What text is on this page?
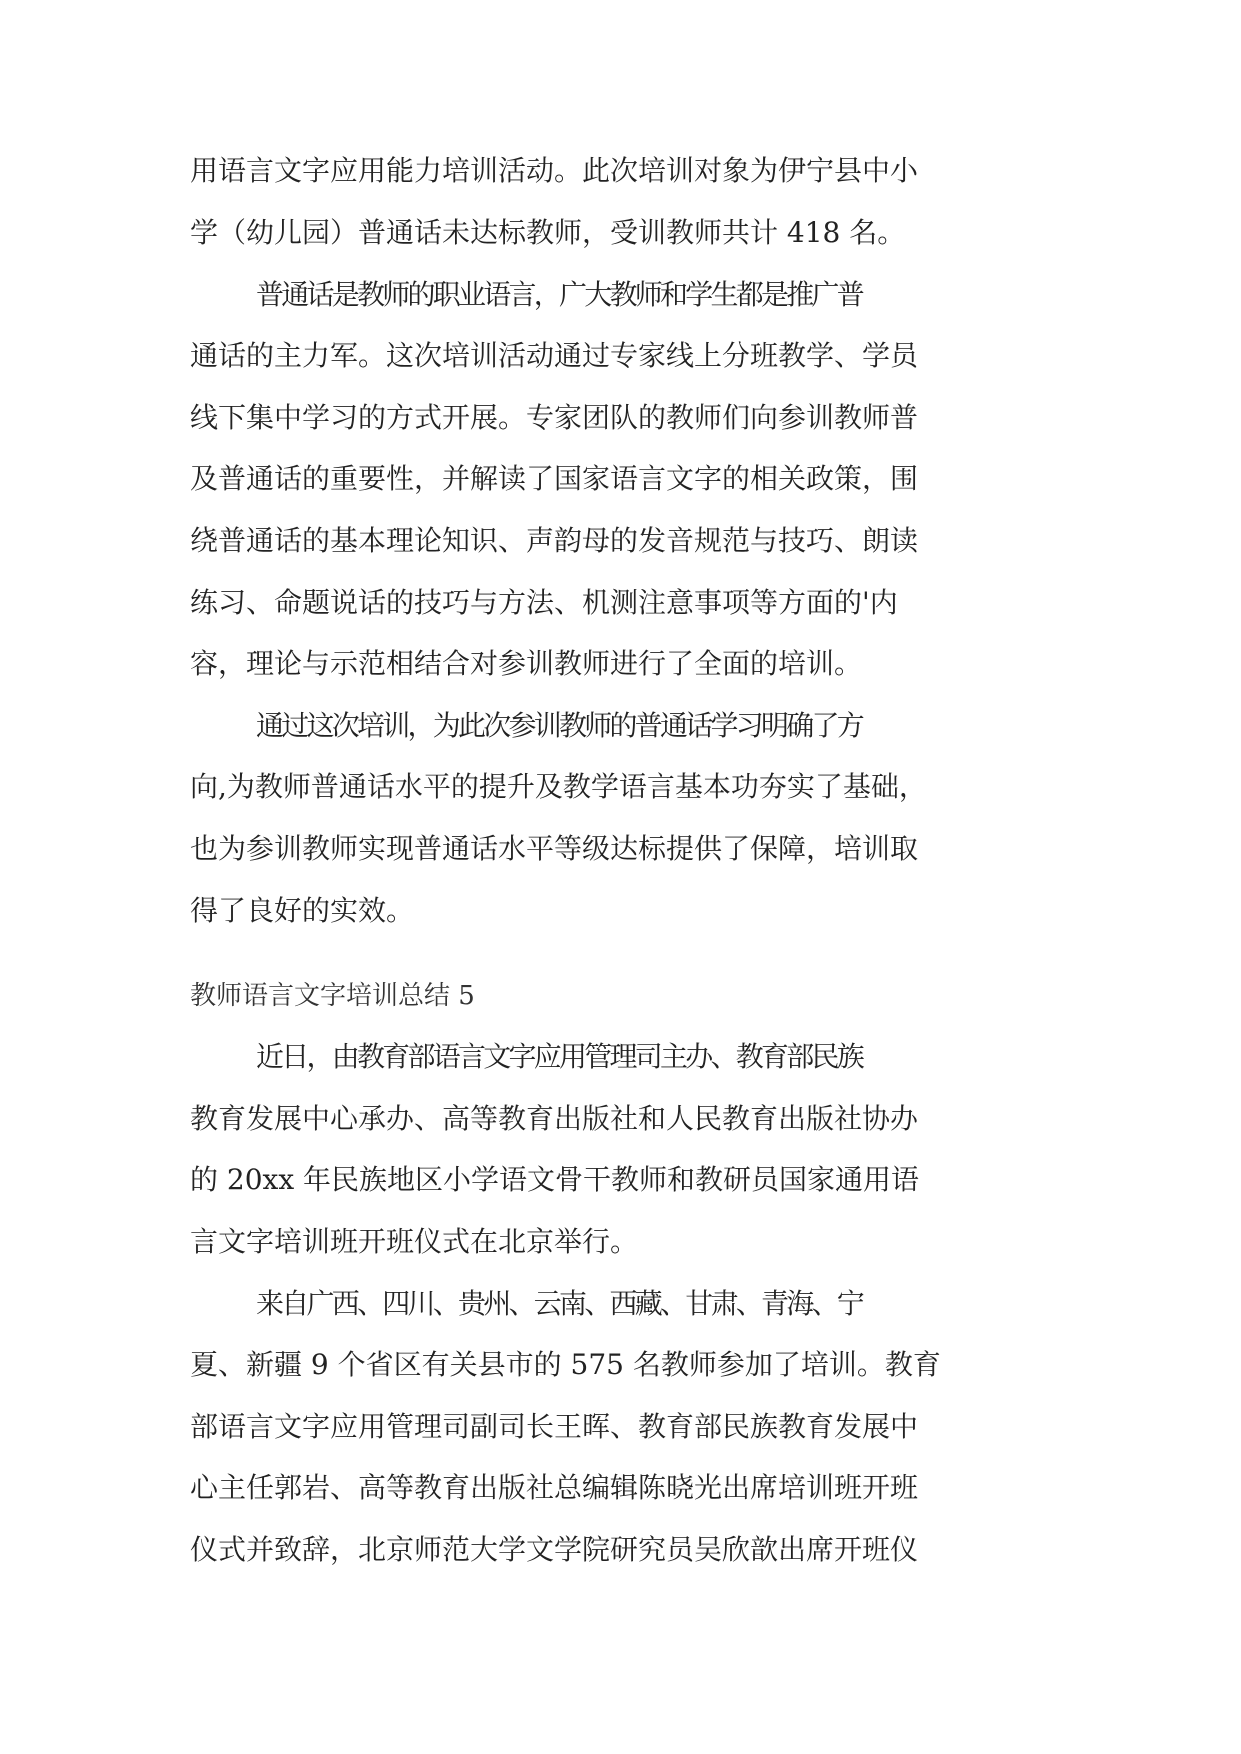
用语言文字应用能力培训活动。此次培训对象为伊宁县中小
学（幼儿园）普通话未达标教师，受训教师共计 418 名。
普通话是教师的职业语言，广大教师和学生都是推广普
通话的主力军。这次培训活动通过专家线上分班教学、学员
线下集中学习的方式开展。专家团队的教师们向参训教师普
及普通话的重要性，并解读了国家语言文字的相关政策，围
绕普通话的基本理论知识、声韵母的发音规范与技巧、朗读
练习、命题说话的技巧与方法、机测注意事项等方面的'内
容，理论与示范相结合对参训教师进行了全面的培训。
通过这次培训，为此次参训教师的普通话学习明确了方
向,为教师普通话水平的提升及教学语言基本功夯实了基础，
也为参训教师实现普通话水平等级达标提供了保障，培训取
得了良好的实效。
教师语言文字培训总结 5
近日，由教育部语言文字应用管理司主办、教育部民族
教育发展中心承办、高等教育出版社和人民教育出版社协办
的 20xx 年民族地区小学语文骨干教师和教研员国家通用语
言文字培训班开班仪式在北京举行。
来自广西、四川、贵州、云南、西藏、甘肃、青海、宁
夏、新疆 9 个省区有关县市的 575 名教师参加了培训。教育
部语言文字应用管理司副司长王晖、教育部民族教育发展中
心主任郭岩、高等教育出版社总编辑陈晓光出席培训班开班
仪式并致辞，北京师范大学文学院研究员吴欣歆出席开班仪
